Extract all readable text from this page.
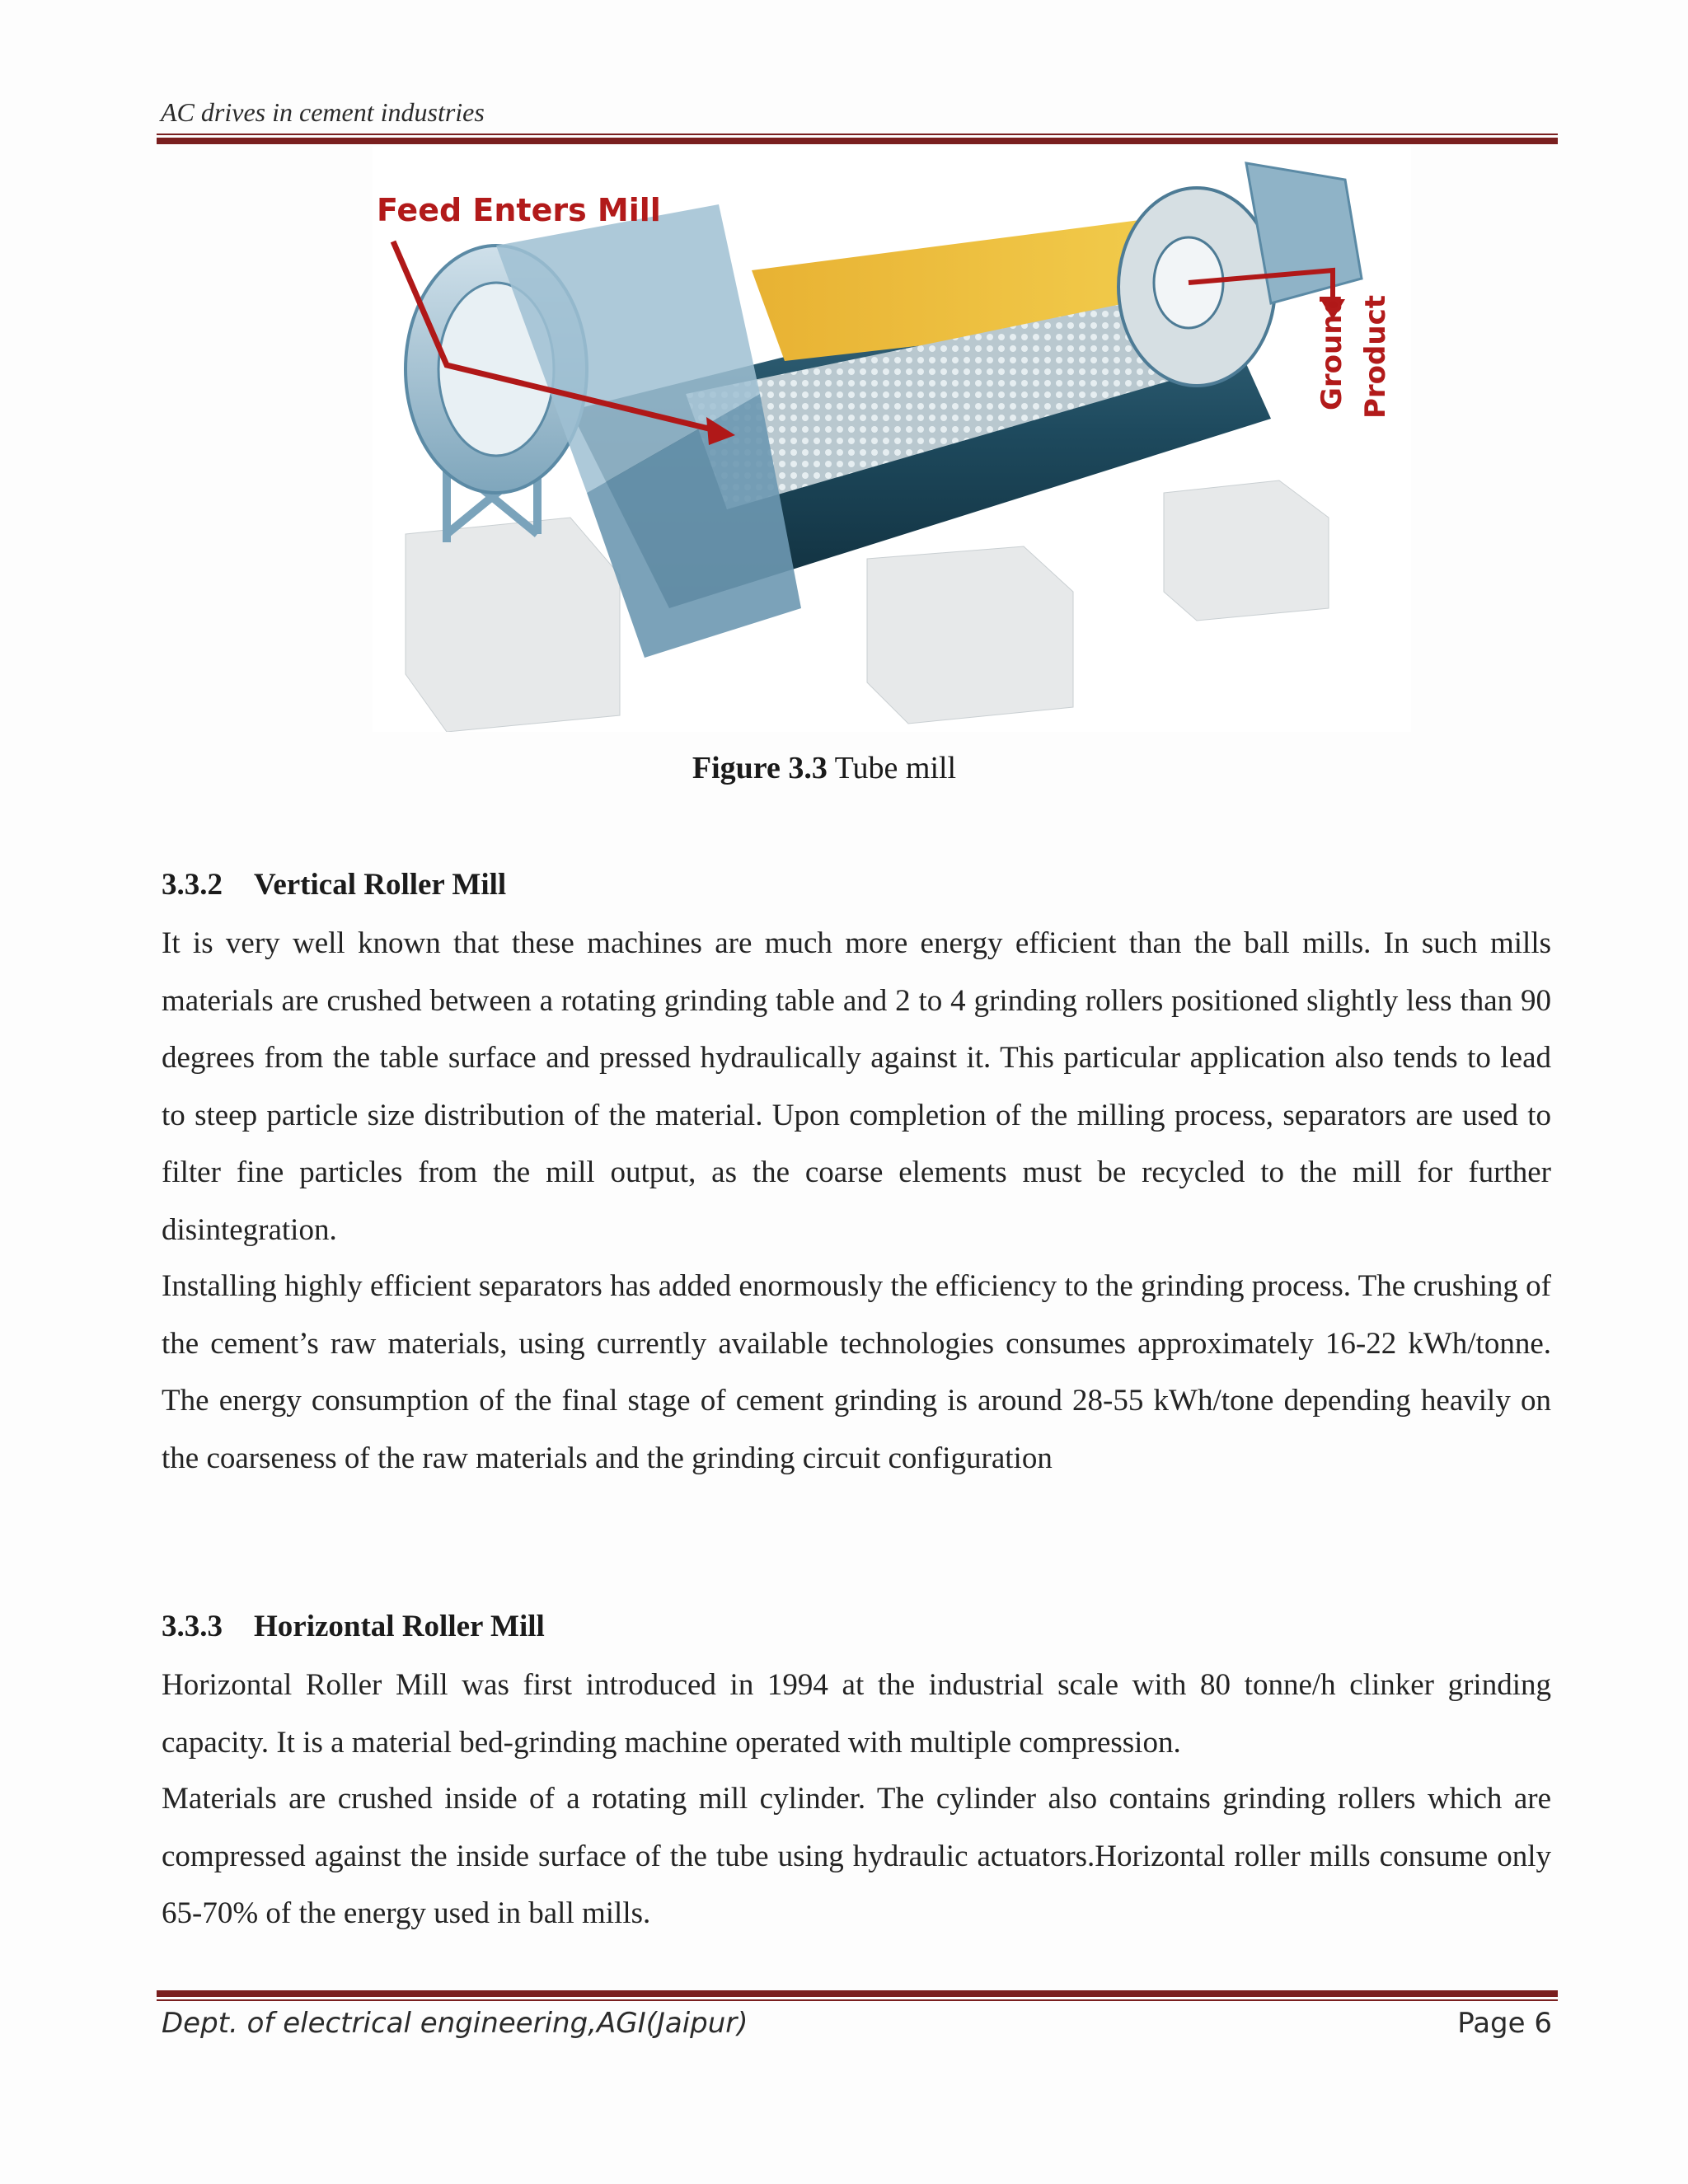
AC drives in cement industries
Feed Enters Mill
Ground Product
Figure 3.3 Tube mill
3.3.2 Vertical Roller Mill
It is very well known that these machines are much more energy efficient than the ball mills. In such mills materials are crushed between a rotating grinding table and 2 to 4 grinding rollers positioned slightly less than 90 degrees from the table surface and pressed hydraulically against it. This particular application also tends to lead to steep particle size distribution of the material. Upon completion of the milling process, separators are used to filter fine particles from the mill output, as the coarse elements must be recycled to the mill for further disintegration.
Installing highly efficient separators has added enormously the efficiency to the grinding process. The crushing of the cement’s raw materials, using currently available technologies consumes approximately 16-22 kWh/tonne. The energy consumption of the final stage of cement grinding is around 28-55 kWh/tone depending heavily on the coarseness of the raw materials and the grinding circuit configuration
3.3.3 Horizontal Roller Mill
Horizontal Roller Mill was first introduced in 1994 at the industrial scale with 80 tonne/h clinker grinding capacity. It is a material bed-grinding machine operated with multiple compression.
Materials are crushed inside of a rotating mill cylinder. The cylinder also contains grinding rollers which are compressed against the inside surface of the tube using hydraulic actuators.Horizontal roller mills consume only 65-70% of the energy used in ball mills.
Dept. of electrical engineering,AGI(Jaipur)	Page 6
